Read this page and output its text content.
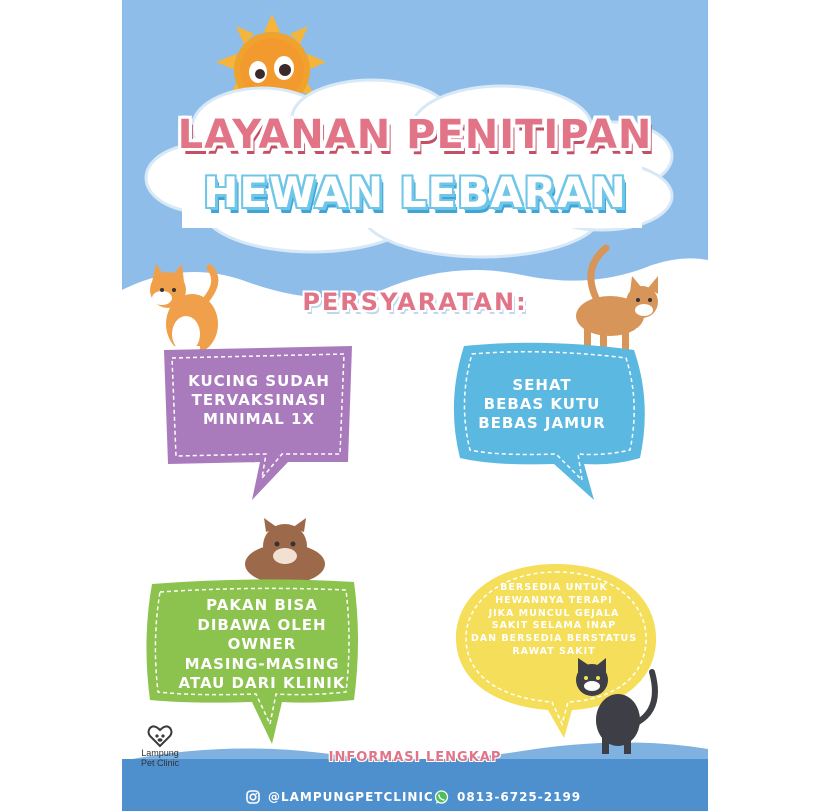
LAYANAN PENITIPAN
HEWAN LEBARAN
PERSYARATAN:
KUCING SUDAH
TERVAKSINASI
MINIMAL 1X
SEHAT
BEBAS KUTU
BEBAS JAMUR
PAKAN BISA
DIBAWA OLEH
OWNER
MASING-MASING
ATAU DARI KLINIK
BERSEDIA UNTUK
HEWANNYA TERAPI
JIKA MUNCUL GEJALA
SAKIT SELAMA INAP
DAN BERSEDIA BERSTATUS
RAWAT SAKIT
Lampung
Pet Clinic	INFORMASI LENGKAP
@LAMPUNGPETCLINIC 0813-6725-2199
